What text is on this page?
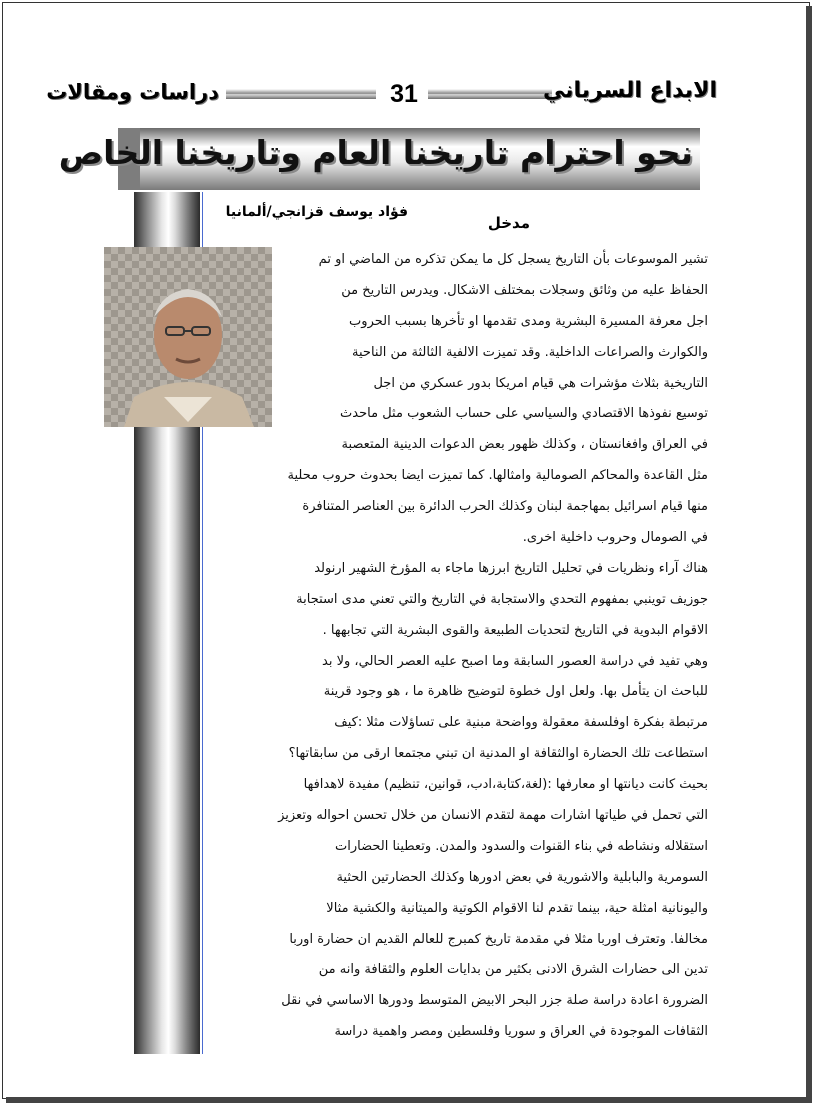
دراسات ومقالات	31	الابداع السرياني
نحو احترام تاريخنا العام وتاريخنا الخاص
فؤاد يوسف قزانجي/ألمانيا
مدخل
تشير الموسوعات بأن التاريخ يسجل كل ما يمكن تذكره من الماضي او تم
الحفاظ عليه من وثائق وسجلات بمختلف الاشكال. ويدرس التاريخ من
اجل معرفة المسيرة البشرية ومدى تقدمها او تأخرها بسبب الحروب
والكوارث والصراعات الداخلية. وقد تميزت الالفية الثالثة من الناحية
التاريخية بثلاث مؤشرات هي قيام امريكا بدور عسكري من اجل
توسيع نفوذها الاقتصادي والسياسي على حساب الشعوب مثل ماحدث
في العراق وافغانستان ، وكذلك ظهور بعض الدعوات الدينية المتعصبة
مثل القاعدة والمحاكم الصومالية وامثالها. كما تميزت ايضا بحدوث حروب محلية
منها قيام اسرائيل بمهاجمة لبنان وكذلك الحرب الدائرة بين العناصر المتنافرة
في الصومال وحروب داخلية اخرى.
هناك آراء ونظريات في تحليل التاريخ ابرزها ماجاء به المؤرخ الشهير ارنولد
جوزيف توينبي بمفهوم التحدي والاستجابة في التاريخ والتي تعني مدى استجابة
الاقوام البدوية في التاريخ لتحديات الطبيعة والقوى البشرية التي تجابهها .
وهي تفيد في دراسة العصور السابقة وما اصبح عليه العصر الحالي، ولا بد
للباحث ان يتأمل بها. ولعل اول خطوة لتوضيح ظاهرة ما ، هو وجود قرينة
مرتبطة بفكرة اوفلسفة معقولة وواضحة مبنية على تساؤلات مثلا :كيف
استطاعت تلك الحضارة اوالثقافة او المدنية ان تبني مجتمعا ارقى من سابقاتها؟
بحيث كانت ديانتها او معارفها :(لغة،كتابة،ادب، قوانين، تنظيم) مفيدة لاهدافها
التي تحمل في طياتها اشارات مهمة لتقدم الانسان من خلال تحسن احواله وتعزيز
استقلاله ونشاطه في بناء القنوات والسدود والمدن. وتعطينا الحضارات
السومرية والبابلية والاشورية في بعض ادورها وكذلك الحضارتين الحثية
واليونانية امثلة حية، بينما تقدم لنا الاقوام الكوتية والميتانية والكشية مثالا
مخالفا. وتعترف اوربا مثلا في مقدمة تاريخ كمبرج للعالم القديم ان حضارة اوربا
تدين الى حضارات الشرق الادنى بكثير من بدايات العلوم والثقافة وانه من
الضرورة اعادة دراسة صلة جزر البحر الابيض المتوسط ودورها الاساسي في نقل
الثقافات الموجودة في العراق و سوريا وفلسطين ومصر واهمية دراسة
